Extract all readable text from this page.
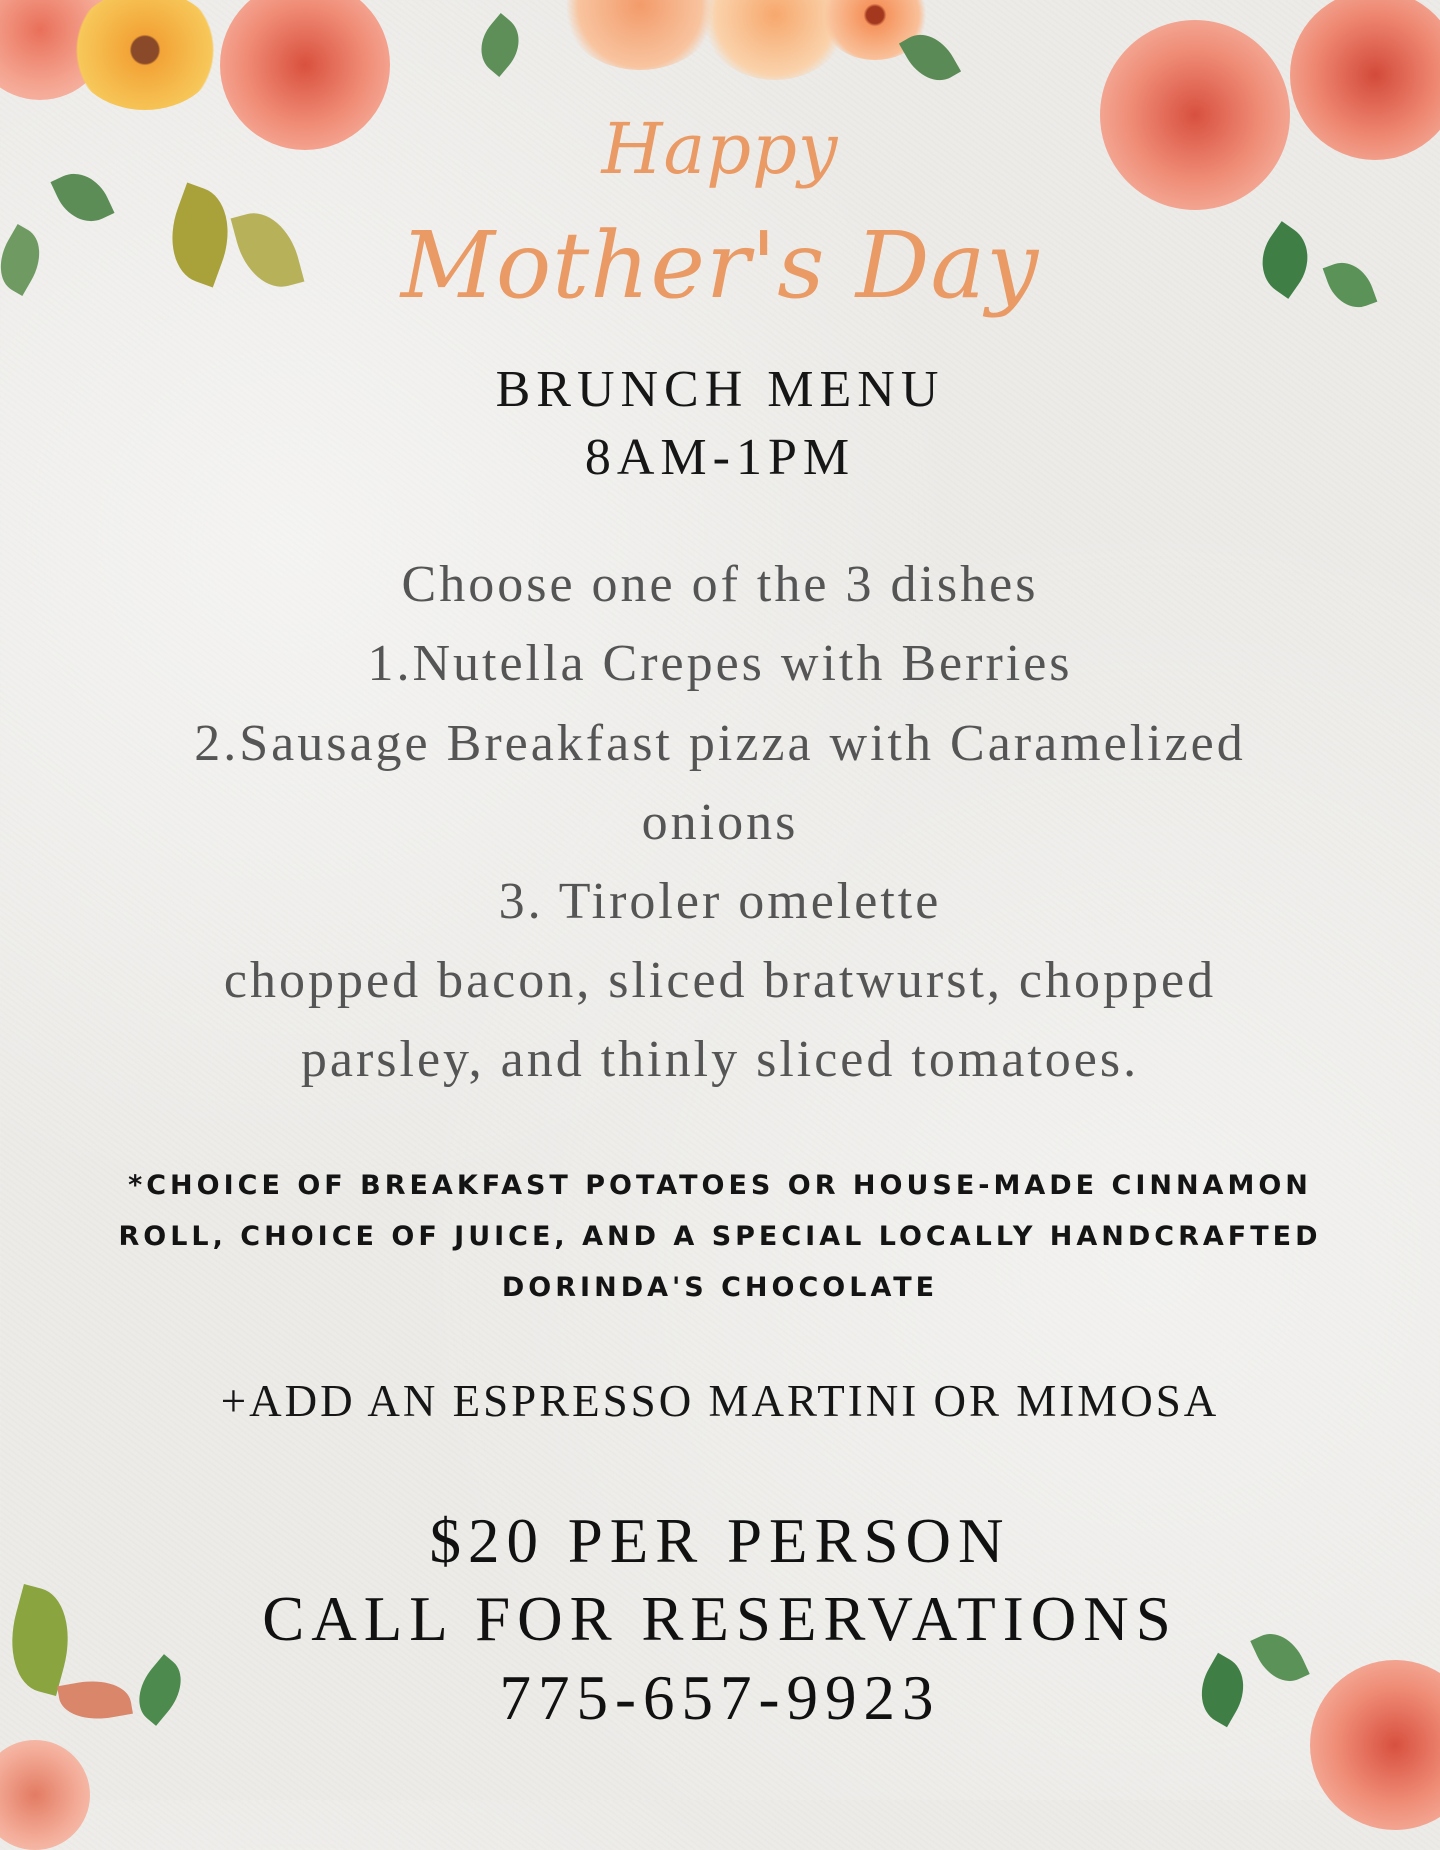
Happy
Mother's Day
BRUNCH MENU
8AM-1PM
Choose one of the 3 dishes
1.Nutella Crepes with Berries
2.Sausage Breakfast pizza with Caramelized
onions
3. Tiroler omelette
chopped bacon, sliced bratwurst, chopped
parsley, and thinly sliced tomatoes.
*CHOICE OF BREAKFAST POTATOES OR HOUSE-MADE CINNAMON
ROLL, CHOICE OF JUICE, AND A SPECIAL LOCALLY HANDCRAFTED
DORINDA'S CHOCOLATE
+ADD AN ESPRESSO MARTINI OR MIMOSA
$20 PER PERSON
CALL FOR RESERVATIONS
775-657-9923
